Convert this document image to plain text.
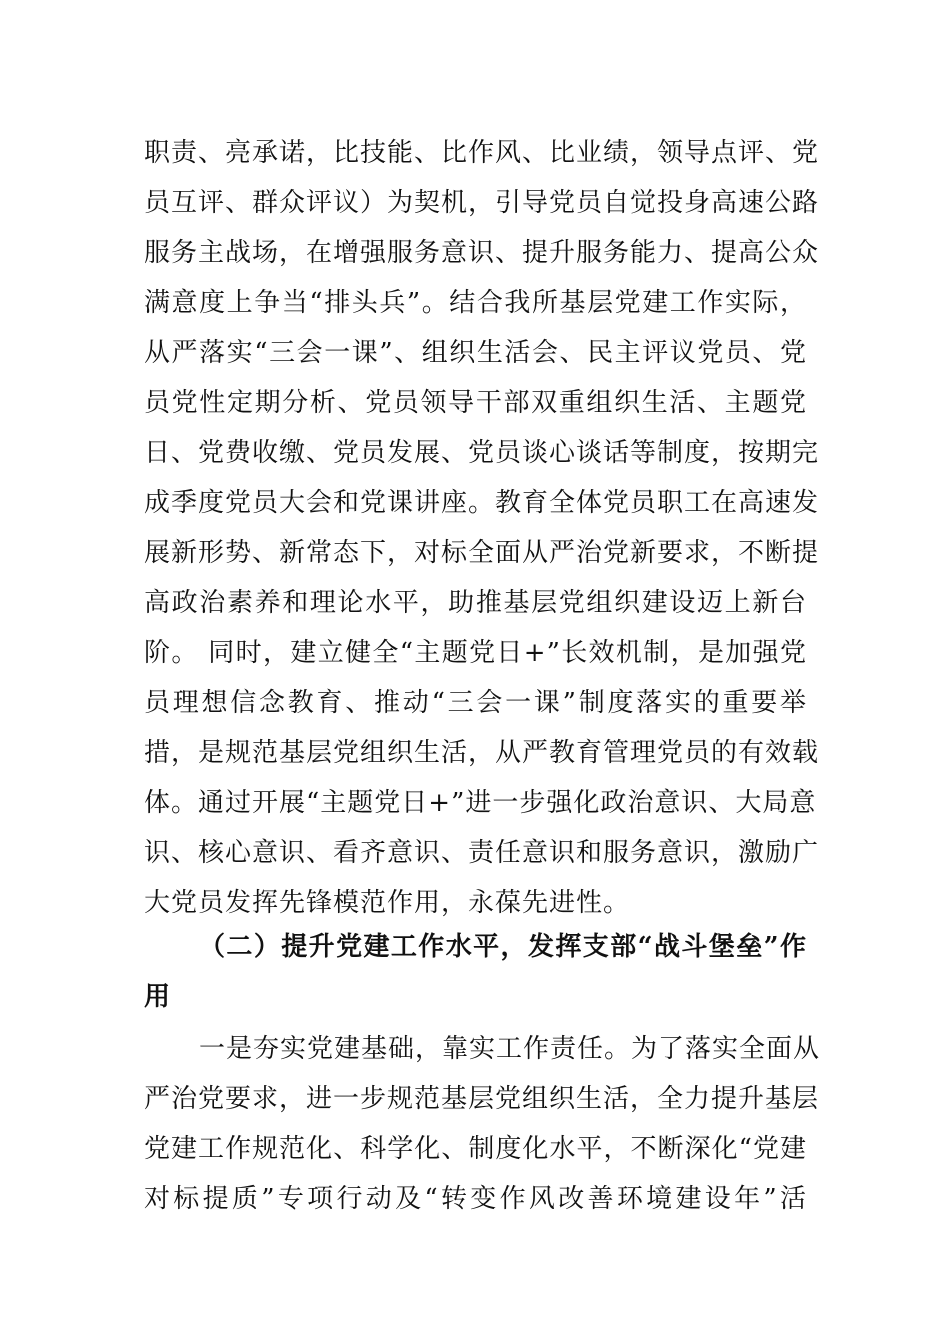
职责、亮承诺，比技能、比作风、比业绩，领导点评、党
员互评、群众评议）为契机，引导党员自觉投身高速公路
服务主战场，在增强服务意识、提升服务能力、提高公众
满意度上争当“排头兵”。结合我所基层党建工作实际，
从严落实“三会一课”、组织生活会、民主评议党员、党
员党性定期分析、党员领导干部双重组织生活、主题党
日、党费收缴、党员发展、党员谈心谈话等制度，按期完
成季度党员大会和党课讲座。教育全体党员职工在高速发
展新形势、新常态下，对标全面从严治党新要求，不断提
高政治素养和理论水平，助推基层党组织建设迈上新台
阶。 同时，建立健全“主题党日+”长效机制，是加强党
员理想信念教育、推动“三会一课”制度落实的重要举
措，是规范基层党组织生活，从严教育管理党员的有效载
体。通过开展“主题党日+”进一步强化政治意识、大局意
识、核心意识、看齐意识、责任意识和服务意识，激励广
大党员发挥先锋模范作用，永葆先进性。
（二）提升党建工作水平，发挥支部“战斗堡垒”作
用
一是夯实党建基础，靠实工作责任。为了落实全面从
严治党要求，进一步规范基层党组织生活，全力提升基层
党建工作规范化、科学化、制度化水平，不断深化“党建
对标提质”专项行动及“转变作风改善环境建设年”活
